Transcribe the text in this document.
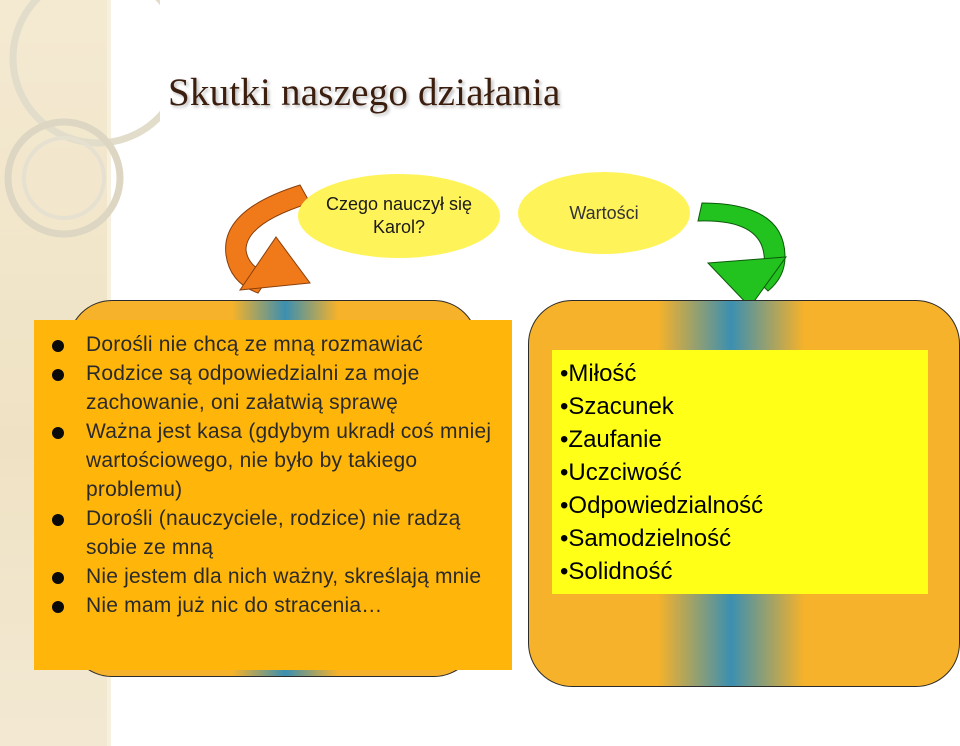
Skutki naszego działania
Czego nauczył się Karol?
Wartości
Dorośli nie chcą ze mną rozmawiać
Rodzice są odpowiedzialni za moje zachowanie, oni załatwią sprawę
Ważna jest kasa (gdybym ukradł coś mniej wartościowego, nie było by takiego problemu)
Dorośli (nauczyciele, rodzice) nie radzą sobie ze mną
Nie jestem dla nich ważny, skreślają mnie
Nie mam już nic do stracenia…
• Miłość
• Szacunek
• Zaufanie
• Uczciwość
• Odpowiedzialność
• Samodzielność
• Solidność
